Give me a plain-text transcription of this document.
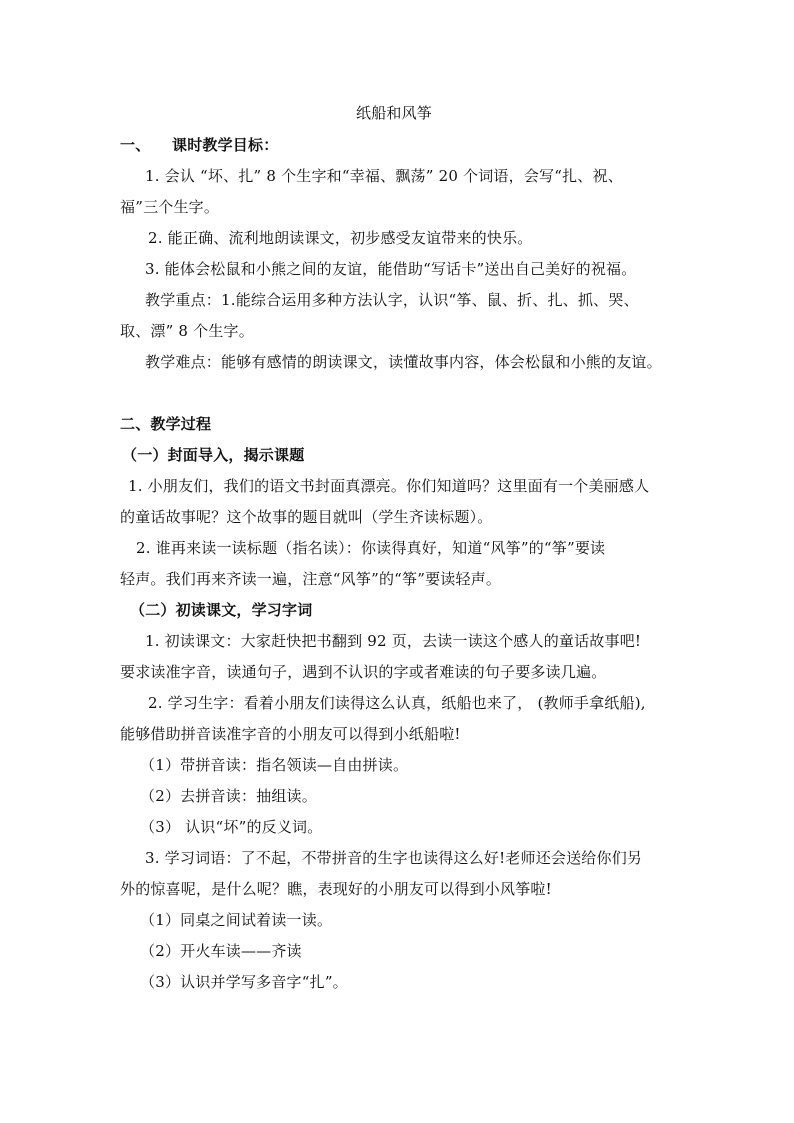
纸船和风筝
一、 课时教学目标：
1. 会认 “坏、扎” 8 个生字和“幸福、飘荡” 20 个词语，会写“扎、祝、
福”三个生字。
2. 能正确、流利地朗读课文，初步感受友谊带来的快乐。
3. 能体会松鼠和小熊之间的友谊，能借助“写话卡”送出自己美好的祝福。
教学重点：1.能综合运用多种方法认字，认识“筝、鼠、折、扎、抓、哭、
取、漂” 8 个生字。
教学难点：能够有感情的朗读课文，读懂故事内容，体会松鼠和小熊的友谊。
二、教学过程
（一）封面导入，揭示课题
1. 小朋友们，我们的语文书封面真漂亮。你们知道吗？这里面有一个美丽感人
的童话故事呢？这个故事的题目就叫（学生齐读标题）。
2. 谁再来读一读标题（指名读）：你读得真好，知道“风筝”的“筝”要读
轻声。我们再来齐读一遍，注意“风筝”的“筝”要读轻声。
（二）初读课文，学习字词
1. 初读课文：大家赶快把书翻到 92 页，去读一读这个感人的童话故事吧!
要求读准字音，读通句子，遇到不认识的字或者难读的句子要多读几遍。
2. 学习生字：看着小朋友们读得这么认真，纸船也来了， (教师手拿纸船),
能够借助拼音读准字音的小朋友可以得到小纸船啦!
（1）带拼音读：指名领读—自由拼读。
（2）去拼音读：抽组读。
（3） 认识“坏”的反义词。
3. 学习词语：了不起，不带拼音的生字也读得这么好!老师还会送给你们另
外的惊喜呢，是什么呢？瞧，表现好的小朋友可以得到小风筝啦!
（1）同桌之间试着读一读。
（2）开火车读——齐读
（3）认识并学写多音字“扎”。
